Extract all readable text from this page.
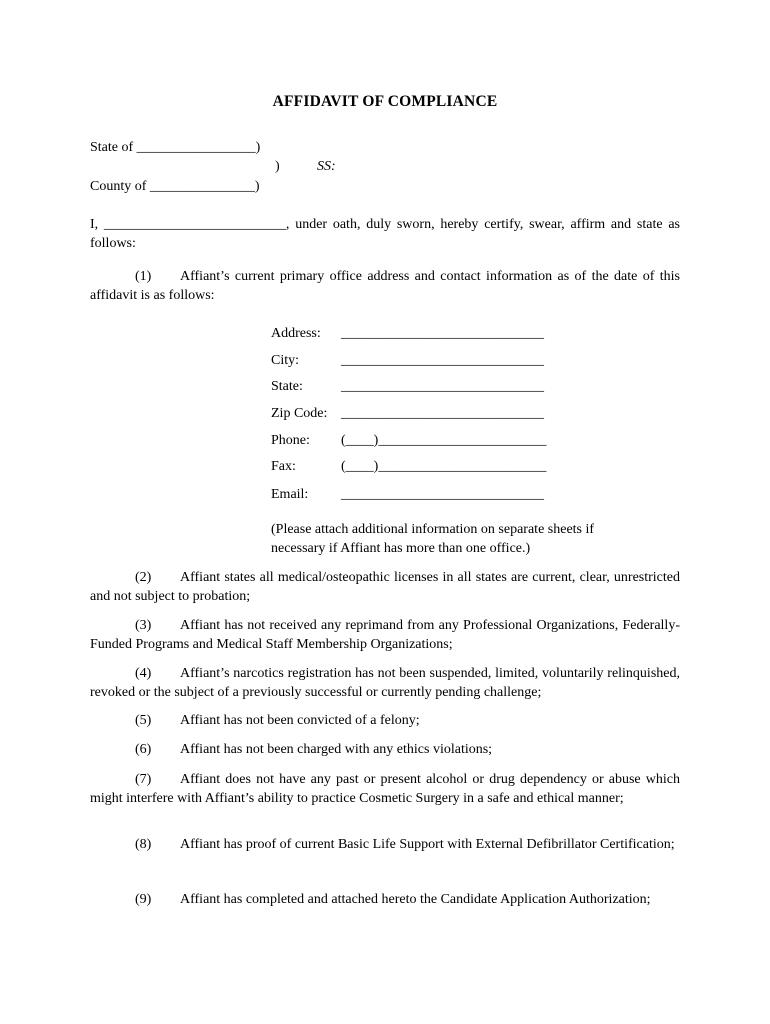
AFFIDAVIT OF COMPLIANCE
State of _________________)
)	SS:
County of _______________)
I, __________________________, under oath, duly sworn, hereby certify, swear, affirm and state as follows:
(1) Affiant’s current primary office address and contact information as of the date of this affidavit is as follows:
Address: _____________________________
City:	_____________________________
State:	_____________________________
Zip Code: _____________________________
Phone: (____)________________________
Fax:	(____)________________________
Email: _____________________________
(Please attach additional information on separate sheets if necessary if Affiant has more than one office.)
(2) Affiant states all medical/osteopathic licenses in all states are current, clear, unrestricted and not subject to probation;
(3) Affiant has not received any reprimand from any Professional Organizations, Federally-Funded Programs and Medical Staff Membership Organizations;
(4) Affiant’s narcotics registration has not been suspended, limited, voluntarily relinquished, revoked or the subject of a previously successful or currently pending challenge;
(5) Affiant has not been convicted of a felony;
(6) Affiant has not been charged with any ethics violations;
(7) Affiant does not have any past or present alcohol or drug dependency or abuse which might interfere with Affiant’s ability to practice Cosmetic Surgery in a safe and ethical manner;
(8) Affiant has proof of current Basic Life Support with External Defibrillator Certification;
(9) Affiant has completed and attached hereto the Candidate Application Authorization;
